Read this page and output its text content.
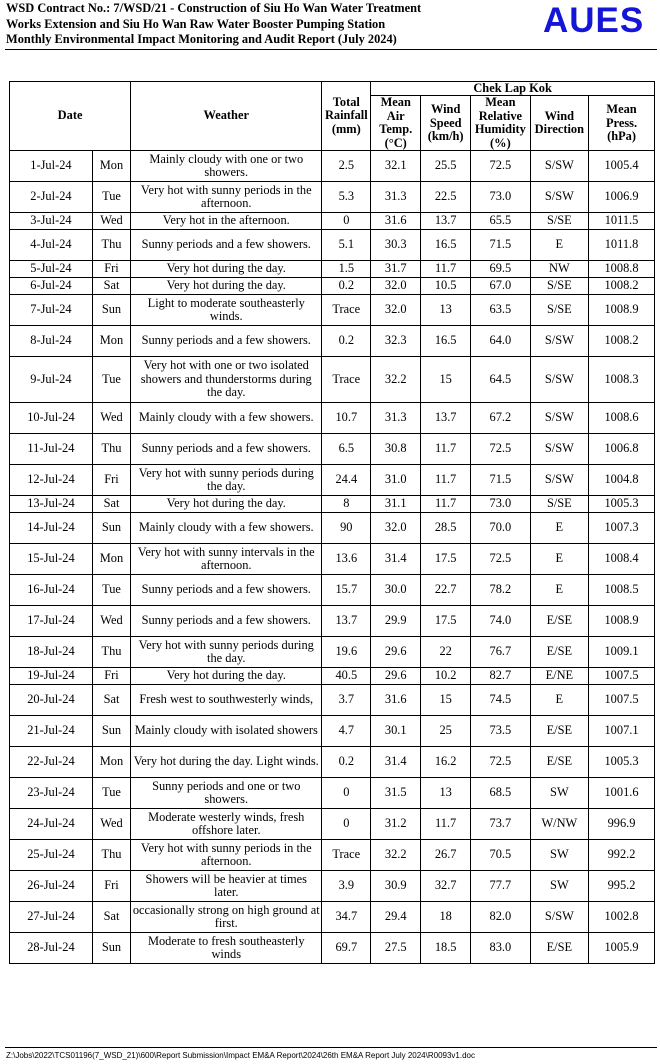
WSD Contract No.: 7/WSD/21 - Construction of Siu Ho Wan Water Treatment
Works Extension and Siu Ho Wan Raw Water Booster Pumping Station
Monthly Environmental Impact Monitoring and Audit Report (July 2024)	AUES
Date		Weather	Total Rainfall (mm)	Chek Lap Kok				
				Mean Air Temp. (°C)	Wind Speed (km/h)	Mean Relative Humidity (%)	Wind Direction	Mean Press. (hPa)
1-Jul-24	Mon	Mainly cloudy with one or two showers.	2.5	32.1	25.5	72.5	S/SW	1005.4
2-Jul-24	Tue	Very hot with sunny periods in the afternoon.	5.3	31.3	22.5	73.0	S/SW	1006.9
3-Jul-24	Wed	Very hot in the afternoon.	0	31.6	13.7	65.5	S/SE	1011.5
4-Jul-24	Thu	Sunny periods and a few showers.	5.1	30.3	16.5	71.5	E	1011.8
5-Jul-24	Fri	Very hot during the day.	1.5	31.7	11.7	69.5	NW	1008.8
6-Jul-24	Sat	Very hot during the day.	0.2	32.0	10.5	67.0	S/SE	1008.2
7-Jul-24	Sun	Light to moderate southeasterly winds.	Trace	32.0	13	63.5	S/SE	1008.9
8-Jul-24	Mon	Sunny periods and a few showers.	0.2	32.3	16.5	64.0	S/SW	1008.2
9-Jul-24	Tue	Very hot with one or two isolated showers and thunderstorms during the day.	Trace	32.2	15	64.5	S/SW	1008.3
10-Jul-24	Wed	Mainly cloudy with a few showers.	10.7	31.3	13.7	67.2	S/SW	1008.6
11-Jul-24	Thu	Sunny periods and a few showers.	6.5	30.8	11.7	72.5	S/SW	1006.8
12-Jul-24	Fri	Very hot with sunny periods during the day.	24.4	31.0	11.7	71.5	S/SW	1004.8
13-Jul-24	Sat	Very hot during the day.	8	31.1	11.7	73.0	S/SE	1005.3
14-Jul-24	Sun	Mainly cloudy with a few showers.	90	32.0	28.5	70.0	E	1007.3
15-Jul-24	Mon	Very hot with sunny intervals in the afternoon.	13.6	31.4	17.5	72.5	E	1008.4
16-Jul-24	Tue	Sunny periods and a few showers.	15.7	30.0	22.7	78.2	E	1008.5
17-Jul-24	Wed	Sunny periods and a few showers.	13.7	29.9	17.5	74.0	E/SE	1008.9
18-Jul-24	Thu	Very hot with sunny periods during the day.	19.6	29.6	22	76.7	E/SE	1009.1
19-Jul-24	Fri	Very hot during the day.	40.5	29.6	10.2	82.7	E/NE	1007.5
20-Jul-24	Sat	Fresh west to southwesterly winds,	3.7	31.6	15	74.5	E	1007.5
21-Jul-24	Sun	Mainly cloudy with isolated showers	4.7	30.1	25	73.5	E/SE	1007.1
22-Jul-24	Mon	Very hot during the day. Light winds.	0.2	31.4	16.2	72.5	E/SE	1005.3
23-Jul-24	Tue	Sunny periods and one or two showers.	0	31.5	13	68.5	SW	1001.6
24-Jul-24	Wed	Moderate westerly winds, fresh offshore later.	0	31.2	11.7	73.7	W/NW	996.9
25-Jul-24	Thu	Very hot with sunny periods in the afternoon.	Trace	32.2	26.7	70.5	SW	992.2
26-Jul-24	Fri	Showers will be heavier at times later.	3.9	30.9	32.7	77.7	SW	995.2
27-Jul-24	Sat	occasionally strong on high ground at first.	34.7	29.4	18	82.0	S/SW	1002.8
28-Jul-24	Sun	Moderate to fresh southeasterly winds	69.7	27.5	18.5	83.0	E/SE	1005.9
Z:\Jobs\2022\TCS01196(7_WSD_21)\600\Report Submission\Impact EM&A Report\2024\26th EM&A Report July 2024\R0093v1.doc
